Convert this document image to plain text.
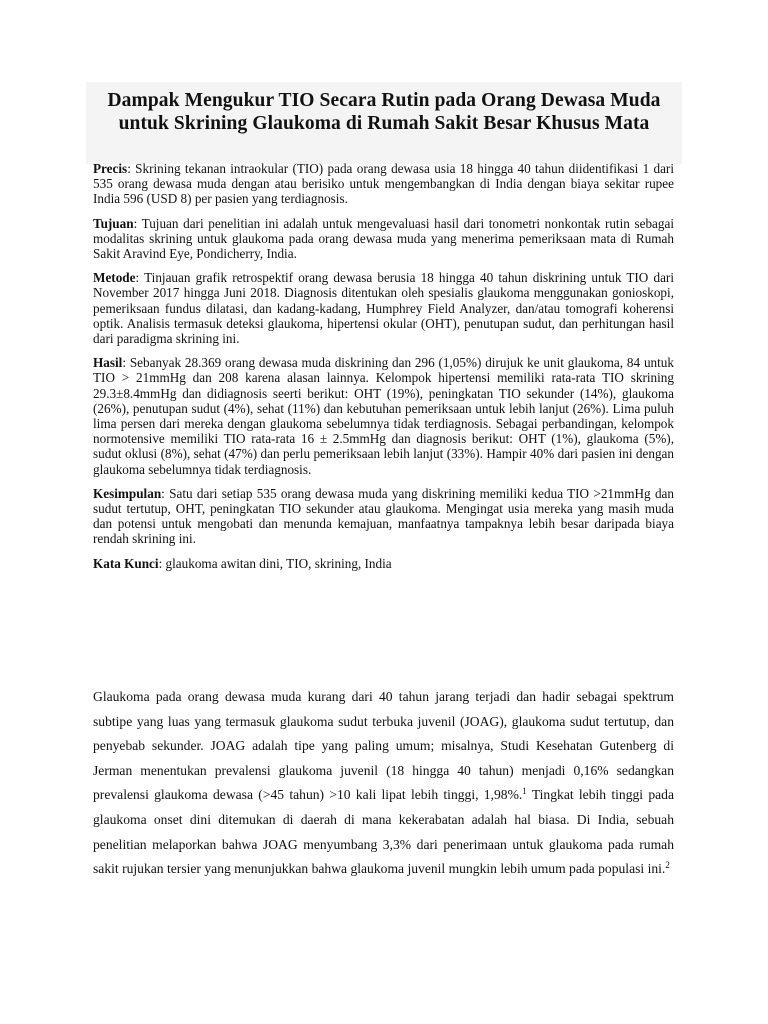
Dampak Mengukur TIO Secara Rutin pada Orang Dewasa Muda
untuk Skrining Glaukoma di Rumah Sakit Besar Khusus Mata

Precis: Skrining tekanan intraokular (TIO) pada orang dewasa usia 18 hingga 40 tahun diidentifikasi 1 dari 535 orang dewasa muda dengan atau berisiko untuk mengembangkan di India dengan biaya sekitar rupee India 596 (USD 8) per pasien yang terdiagnosis.

Tujuan: Tujuan dari penelitian ini adalah untuk mengevaluasi hasil dari tonometri nonkontak rutin sebagai modalitas skrining untuk glaukoma pada orang dewasa muda yang menerima pemeriksaan mata di Rumah Sakit Aravind Eye, Pondicherry, India.

Metode: Tinjauan grafik retrospektif orang dewasa berusia 18 hingga 40 tahun diskrining untuk TIO dari November 2017 hingga Juni 2018. Diagnosis ditentukan oleh spesialis glaukoma menggunakan gonioskopi, pemeriksaan fundus dilatasi, dan kadang-kadang, Humphrey Field Analyzer, dan/atau tomografi koherensi optik. Analisis termasuk deteksi glaukoma, hipertensi okular (OHT), penutupan sudut, dan perhitungan hasil dari paradigma skrining ini.

Hasil: Sebanyak 28.369 orang dewasa muda diskrining dan 296 (1,05%) dirujuk ke unit glaukoma, 84 untuk TIO > 21mmHg dan 208 karena alasan lainnya. Kelompok hipertensi memiliki rata-rata TIO skrining 29.3±8.4mmHg dan didiagnosis seerti berikut: OHT (19%), peningkatan TIO sekunder (14%), glaukoma (26%), penutupan sudut (4%), sehat (11%) dan kebutuhan pemeriksaan untuk lebih lanjut (26%). Lima puluh lima persen dari mereka dengan glaukoma sebelumnya tidak terdiagnosis. Sebagai perbandingan, kelompok normotensive memiliki TIO rata-rata 16 ± 2.5mmHg dan diagnosis berikut: OHT (1%), glaukoma (5%), sudut oklusi (8%), sehat (47%) dan perlu pemeriksaan lebih lanjut (33%). Hampir 40% dari pasien ini dengan glaukoma sebelumnya tidak terdiagnosis.

Kesimpulan: Satu dari setiap 535 orang dewasa muda yang diskrining memiliki kedua TIO >21mmHg dan sudut tertutup, OHT, peningkatan TIO sekunder atau glaukoma. Mengingat usia mereka yang masih muda dan potensi untuk mengobati dan menunda kemajuan, manfaatnya tampaknya lebih besar daripada biaya rendah skrining ini.

Kata Kunci: glaukoma awitan dini, TIO, skrining, India

Glaukoma pada orang dewasa muda kurang dari 40 tahun jarang terjadi dan hadir sebagai spektrum subtipe yang luas yang termasuk glaukoma sudut terbuka juvenil (JOAG), glaukoma sudut tertutup, dan penyebab sekunder. JOAG adalah tipe yang paling umum; misalnya, Studi Kesehatan Gutenberg di Jerman menentukan prevalensi glaukoma juvenil (18 hingga 40 tahun) menjadi 0,16% sedangkan prevalensi glaukoma dewasa (>45 tahun) >10 kali lipat lebih tinggi, 1,98%.$^1$ Tingkat lebih tinggi pada glaukoma onset dini ditemukan di daerah di mana kekerabatan adalah hal biasa. Di India, sebuah penelitian melaporkan bahwa JOAG menyumbang 3,3% dari penerimaan untuk glaukoma pada rumah sakit rujukan tersier yang menunjukkan bahwa glaukoma juvenil mungkin lebih umum pada populasi ini.$^2$
